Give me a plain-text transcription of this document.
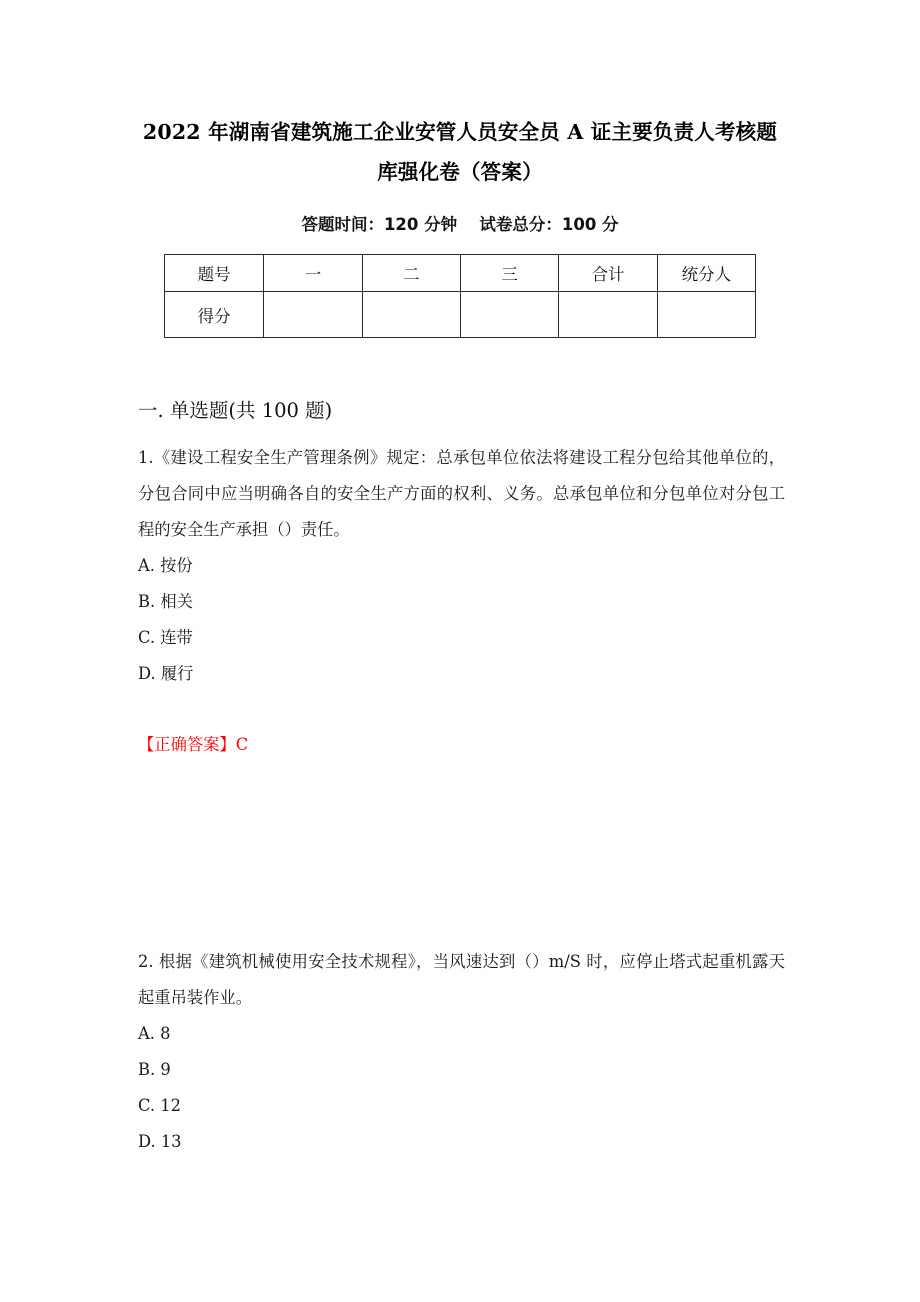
2022 年湖南省建筑施工企业安管人员安全员 A 证主要负责人考核题
库强化卷（答案）
答题时间：120 分钟　 试卷总分：100 分
题号	一	二	三	合计	统分人
得分					
一. 单选题(共 100 题)

1.《建设工程安全生产管理条例》规定：总承包单位依法将建设工程分包给其他单位的，分包合同中应当明确各自的安全生产方面的权利、义务。总承包单位和分包单位对分包工程的安全生产承担（）责任。

A. 按份
B. 相关
C. 连带
D. 履行

【正确答案】C

2. 根据《建筑机械使用安全技术规程》，当风速达到（）m/S 时，应停止塔式起重机露天起重吊装作业。

A. 8
B. 9
C. 12
D. 13
